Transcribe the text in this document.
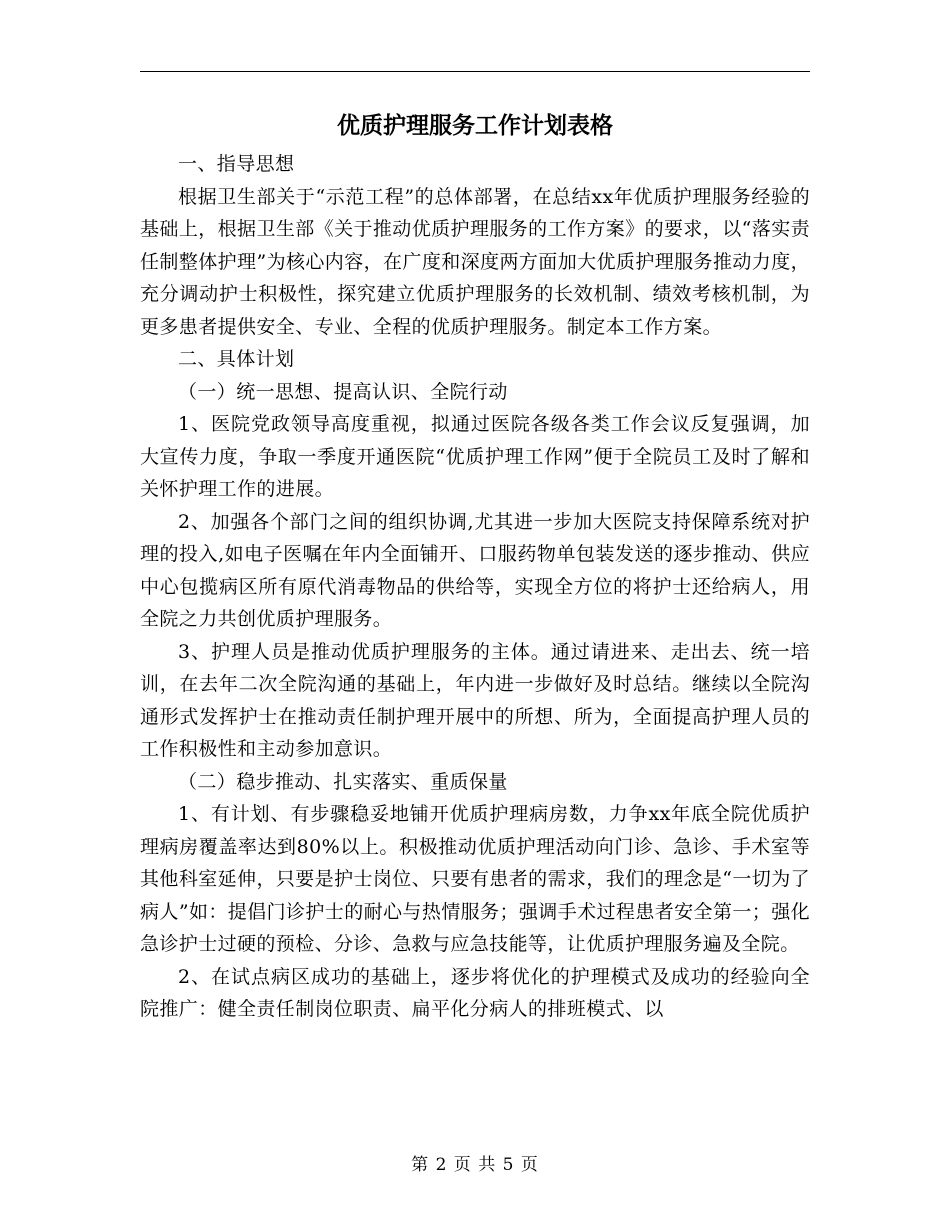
优质护理服务工作计划表格
一、指导思想

根据卫生部关于“示范工程”的总体部署，在总结xx年优质护理服务经验的基础上，根据卫生部《关于推动优质护理服务的工作方案》的要求，以“落实责任制整体护理”为核心内容，在广度和深度两方面加大优质护理服务推动力度，充分调动护士积极性，探究建立优质护理服务的长效机制、绩效考核机制，为更多患者提供安全、专业、全程的优质护理服务。制定本工作方案。

二、具体计划
（一）统一思想、提高认识、全院行动

1、医院党政领导高度重视，拟通过医院各级各类工作会议反复强调，加大宣传力度，争取一季度开通医院“优质护理工作网”便于全院员工及时了解和关怀护理工作的进展。

2、加强各个部门之间的组织协调,尤其进一步加大医院支持保障系统对护理的投入,如电子医嘱在年内全面铺开、口服药物单包装发送的逐步推动、供应中心包揽病区所有原代消毒物品的供给等，实现全方位的将护士还给病人，用全院之力共创优质护理服务。

3、护理人员是推动优质护理服务的主体。通过请进来、走出去、统一培训，在去年二次全院沟通的基础上，年内进一步做好及时总结。继续以全院沟通形式发挥护士在推动责任制护理开展中的所想、所为，全面提高护理人员的工作积极性和主动参加意识。

（二）稳步推动、扎实落实、重质保量

1、有计划、有步骤稳妥地铺开优质护理病房数，力争xx年底全院优质护理病房覆盖率达到80%以上。积极推动优质护理活动向门诊、急诊、手术室等其他科室延伸，只要是护士岗位、只要有患者的需求，我们的理念是“一切为了病人”如：提倡门诊护士的耐心与热情服务；强调手术过程患者安全第一；强化急诊护士过硬的预检、分诊、急救与应急技能等，让优质护理服务遍及全院。

2、在试点病区成功的基础上，逐步将优化的护理模式及成功的经验向全院推广：健全责任制岗位职责、扁平化分病人的排班模式、以

第 2 页 共 5 页
